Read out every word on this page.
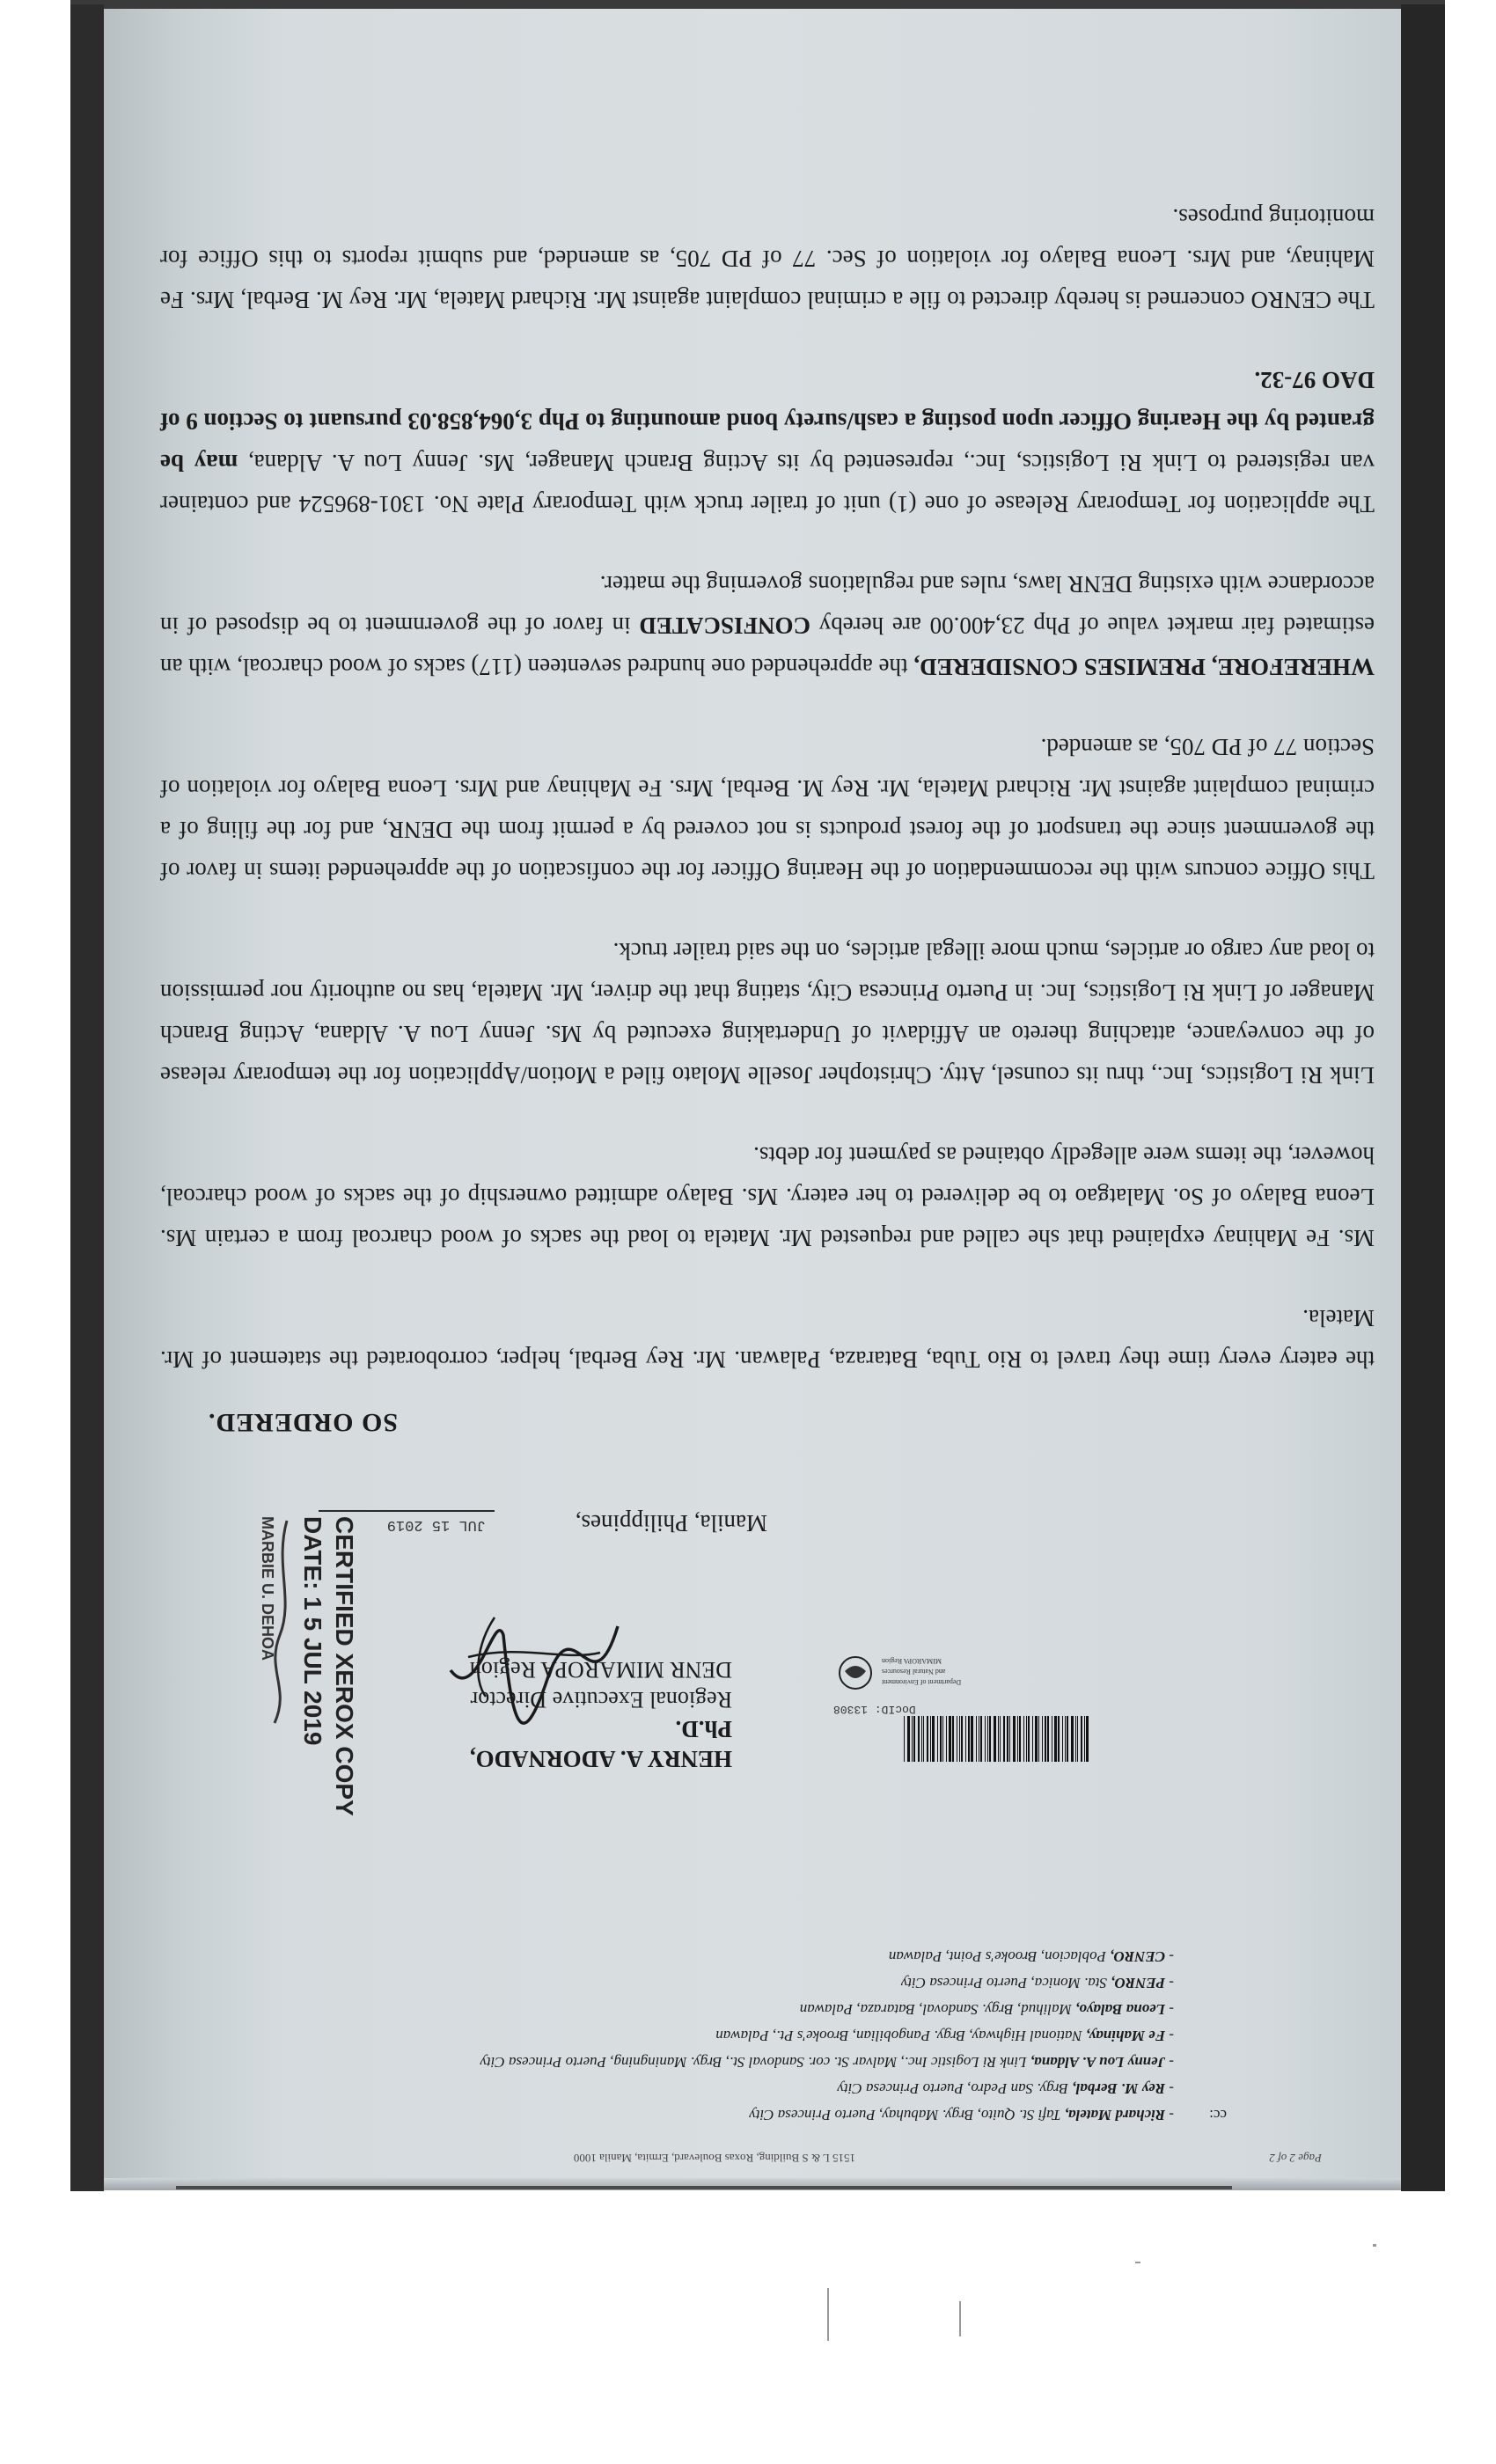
the eatery every time they travel to Rio Tuba, Bataraza, Palawan. Mr. Rey Berbal, helper, corroborated the statement of Mr. Matela.

Ms. Fe Mahinay explained that she called and requested Mr. Matela to load the sacks of wood charcoal from a certain Ms. Leona Balayo of So. Malatgao to be delivered to her eatery. Ms. Balayo admitted ownership of the sacks of wood charcoal, however, the items were allegedly obtained as payment for debts.

Link Ri Logistics, Inc., thru its counsel, Atty. Christopher Joselle Molato filed a Motion/Application for the temporary release of the conveyance, attaching thereto an Affidavit of Undertaking executed by Ms. Jenny Lou A. Aldana, Acting Branch Manager of Link Ri Logistics, Inc. in Puerto Princesa City, stating that the driver, Mr. Matela, has no authority nor permission to load any cargo or articles, much more illegal articles, on the said trailer truck.

This Office concurs with the recommendation of the Hearing Officer for the confiscation of the apprehended items in favor of the government since the transport of the forest products is not covered by a permit from the DENR, and for the filing of a criminal complaint against Mr. Richard Matela, Mr. Rey M. Berbal, Mrs. Fe Mahinay and Mrs. Leona Balayo for violation of Section 77 of PD 705, as amended.

WHEREFORE, PREMISES CONSIDERED, the apprehended one hundred seventeen (117) sacks of wood charcoal, with an estimated fair market value of Php 23,400.00 are hereby CONFISCATED in favor of the government to be disposed of in accordance with existing DENR laws, rules and regulations governing the matter.

The application for Temporary Release of one (1) unit of trailer truck with Temporary Plate No. 1301-896524 and container van registered to Link Ri Logistics, Inc., represented by its Acting Branch Manager, Ms. Jenny Lou A. Aldana, may be granted by the Hearing Officer upon posting a cash/surety bond amounting to Php 3,064,858.03 pursuant to Section 9 of DAO 97-32.

The CENRO concerned is hereby directed to file a criminal complaint against Mr. Richard Matela, Mr. Rey M. Berbal, Mrs. Fe Mahinay, and Mrs. Leona Balayo for violation of Sec. 77 of PD 705, as amended, and submit reports to this Office for monitoring purposes.

SO ORDERED.
Manila, Philippines,
JUL 15 2019
CERTIFIED XEROX COPY
DATE: 1 5 JUL 2019
MARBIE U. DEHOA
HENRY A. ADORNADO, Ph.D.
Regional Executive Director
DENR MIMAROPA Region
DocID: 13308
Department of Environment
and Natural Resources
MIMAROPA Region
cc:
- Richard Matela, Tafi St. Quito, Brgy. Mabuhay, Puerto Princesa City
- Rey M. Berbal, Brgy. San Pedro, Puerto Princesa City
- Jenny Lou A. Aldana, Link Ri Logistic Inc., Malvar St. cor. Sandoval St., Brgy. Maningning, Puerto Princesa City
- Fe Mahinay, National Highway, Brgy. Pangobilian, Brooke's Pt., Palawan
- Leona Balayo, Malihud, Brgy. Sandoval, Bataraza, Palawan
- PENRO, Sta. Monica, Puerto Princesa City
- CENRO, Poblacion, Brooke's Point, Palawan
1515 L & S Building, Roxas Boulevard, Ermita, Manila 1000	Page 2 of 2
